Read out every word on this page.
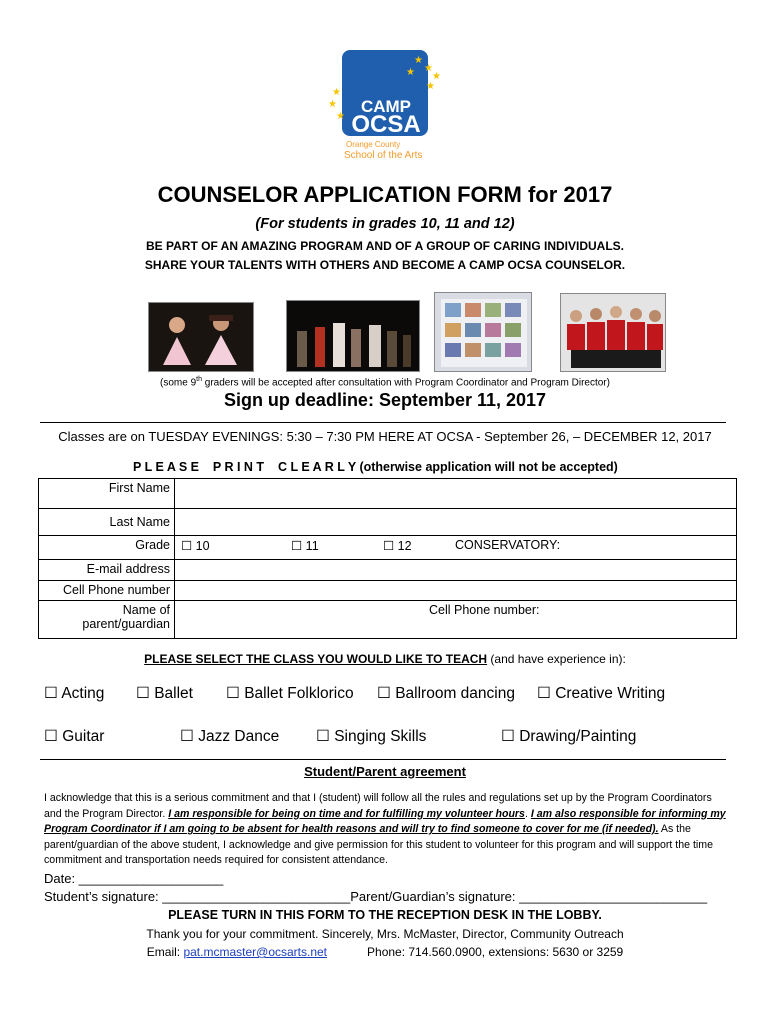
★
★
★
★
★
★
★
★
CAMP
OCSA
Orange County
School of the Arts
COUNSELOR APPLICATION FORM for 2017
(For students in grades 10, 11 and 12)
BE PART OF AN AMAZING PROGRAM AND OF A GROUP OF CARING INDIVIDUALS.
SHARE YOUR TALENTS WITH OTHERS AND BECOME A CAMP OCSA COUNSELOR.
(some 9th graders will be accepted after consultation with Program Coordinator and Program Director)
Sign up deadline: September 11, 2017
Classes are on TUESDAY EVENINGS: 5:30 – 7:30 PM HERE AT OCSA - September 26, – DECEMBER 12, 2017
P L E A S E    P R I N T    C L E A R L Y (otherwise application will not be accepted)
First Name	
Last Name	
Grade	☐ 10 ☐ 11 ☐ 12 CONSERVATORY:

E-mail address	
Cell Phone number	

Name of
parent/guardian	Cell Phone number:
PLEASE SELECT THE CLASS YOU WOULD LIKE TO TEACH (and have experience in):
☐ Acting ☐ Ballet ☐ Ballet Folklorico ☐ Ballroom dancing ☐ Creative Writing
☐ Guitar	☐ Jazz Dance ☐ Singing Skills	☐ Drawing/Painting
Student/Parent agreement
I acknowledge that this is a serious commitment and that I (student) will follow all the rules and regulations set up by the Program Coordinators and the Program Director. I am responsible for being on time and for fulfilling my volunteer hours. I am also responsible for informing my Program Coordinator if I am going to be absent for health reasons and will try to find someone to cover for me (if needed). As the parent/guardian of the above student, I acknowledge and give permission for this student to volunteer for this program and will support the time commitment and transportation needs required for consistent attendance.
Date: ____________________
Student’s signature: __________________________Parent/Guardian’s signature: __________________________
PLEASE TURN IN THIS FORM TO THE RECEPTION DESK IN THE LOBBY.
Thank you for your commitment. Sincerely, Mrs. McMaster, Director, Community Outreach
Email: pat.mcmaster@ocsarts.net	Phone: 714.560.0900, extensions: 5630 or 3259
